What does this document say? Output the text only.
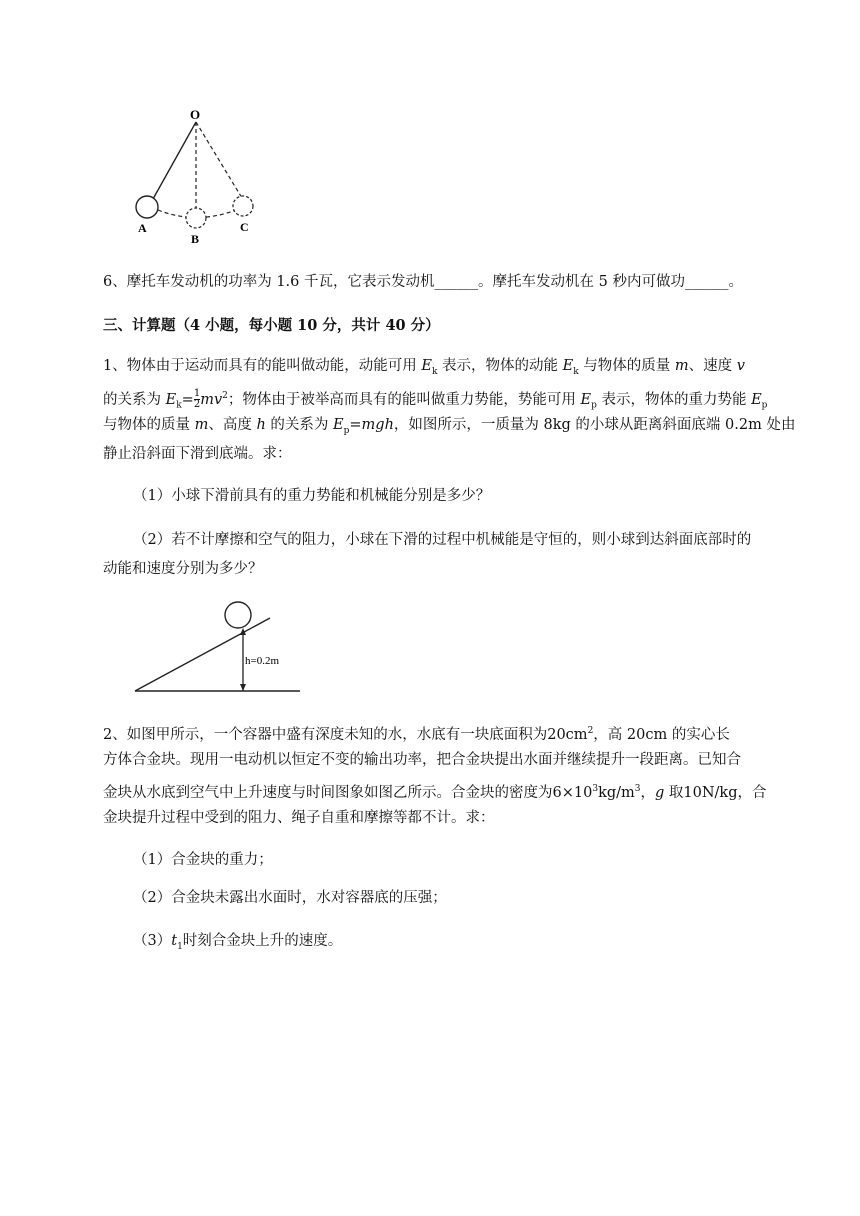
O
A
B
C
6、摩托车发动机的功率为 1.6 千瓦，它表示发动机______。摩托车发动机在 5 秒内可做功______。
三、计算题（4 小题，每小题 10 分，共计 40 分）
1、物体由于运动而具有的能叫做动能，动能可用 $E_k$ 表示，物体的动能 $E_k$ 与物体的质量 m、速度 v
的关系为 $E_k= \frac{1}{2} mv^2$；物体由于被举高而具有的能叫做重力势能，势能可用 $E_p$ 表示，物体的重力势能 $E_p$
与物体的质量 m、高度 h 的关系为 $E_p=mgh$，如图所示，一质量为 8kg 的小球从距离斜面底端 0.2m 处由
静止沿斜面下滑到底端。求：
（1）小球下滑前具有的重力势能和机械能分别是多少？
（2）若不计摩擦和空气的阻力，小球在下滑的过程中机械能是守恒的，则小球到达斜面底部时的
动能和速度分别为多少？
h=0.2m
2、如图甲所示，一个容器中盛有深度未知的水，水底有一块底面积为$20cm^2$，高 20cm 的实心长
方体合金块。现用一电动机以恒定不变的输出功率，把合金块提出水面并继续提升一段距离。已知合
金块从水底到空气中上升速度与时间图象如图乙所示。合金块的密度为$6\times 10^3kg/m^3$，g 取10N/kg，合
金块提升过程中受到的阻力、绳子自重和摩擦等都不计。求：
（1）合金块的重力；
（2）合金块未露出水面时，水对容器底的压强；
$(3)t_1$时刻合金块上升的速度。
